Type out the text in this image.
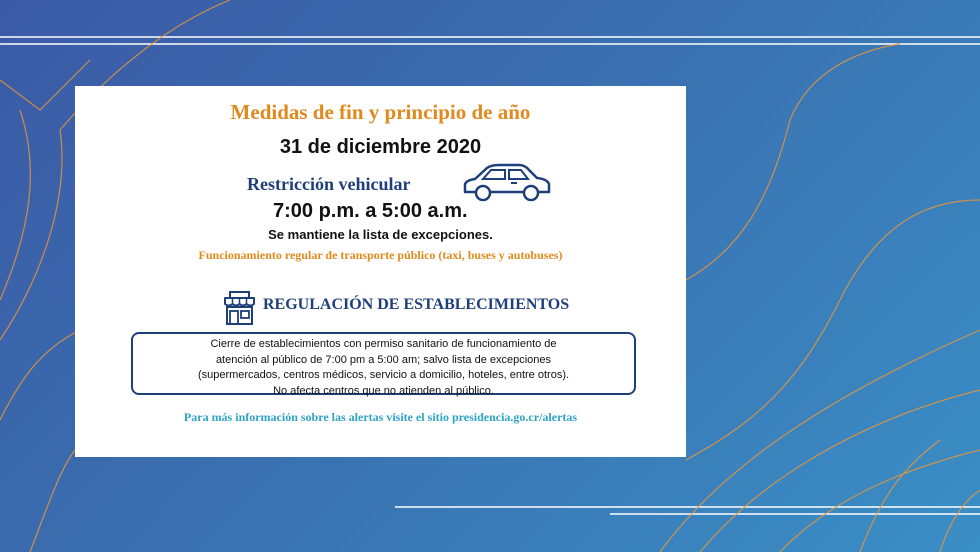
Medidas de fin y principio de año
31 de diciembre 2020
Restricción vehicular
7:00 p.m. a 5:00 a.m.
Se mantiene la lista de excepciones.
Funcionamiento regular de transporte público (taxi, buses y autobuses)
REGULACIÓN DE ESTABLECIMIENTOS
Cierre de establecimientos con permiso sanitario de funcionamiento de
atención al público de 7:00 pm a 5:00 am; salvo lista de excepciones
(supermercados, centros médicos, servicio a domicilio, hoteles, entre otros).
No afecta centros que no atienden al público.
Para más información sobre las alertas visite el sitio presidencia.go.cr/alertas
